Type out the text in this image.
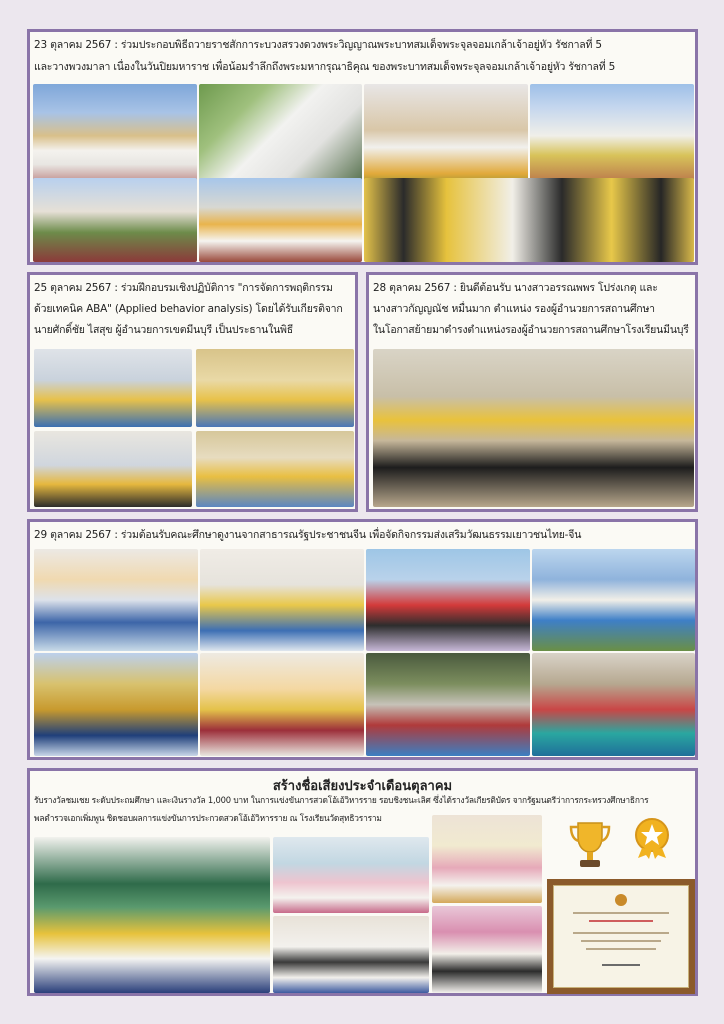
23 ตุลาคม 2567 : ร่วมประกอบพิธีถวายราชสักการะบวงสรวงดวงพระวิญญาณพระบาทสมเด็จพระจุลจอมเกล้าเจ้าอยู่หัว รัชกาลที่ 5
และวางพวงมาลา เนื่องในวันปิยมหาราช เพื่อน้อมรำลึกถึงพระมหากรุณาธิคุณ ของพระบาทสมเด็จพระจุลจอมเกล้าเจ้าอยู่หัว รัชกาลที่ 5
25 ตุลาคม 2567 : ร่วมฝึกอบรมเชิงปฏิบัติการ "การจัดการพฤติกรรม
ด้วยเทคนิค ABA" (Applied behavior analysis) โดยได้รับเกียรติจาก
นายศักดิ์ชัย ไสสุข ผู้อำนวยการเขตมีนบุรี เป็นประธานในพิธี
28 ตุลาคม 2567 : ยินดีต้อนรับ นางสาวอรรณพพร โปร่งเกตุ และ
นางสาวกัญญณัช หมื่นมาก ตำแหน่ง รองผู้อำนวยการสถานศึกษา
ในโอกาสย้ายมาดำรงตำแหน่งรองผู้อำนวยการสถานศึกษาโรงเรียนมีนบุรี
29 ตุลาคม 2567 : ร่วมต้อนรับคณะศึกษาดูงานจากสาธารณรัฐประชาชนจีน เพื่อจัดกิจกรรมส่งเสริมวัฒนธรรมเยาวชนไทย-จีน
สร้างชื่อเสียงประจำเดือนตุลาคม
รับรางวัลชมเชย ระดับประถมศึกษา และเงินรางวัล 1,000 บาท ในการแข่งขันการสวดโอ้เอ้วิหารราย รอบชิงชนะเลิศ ซึ่งได้รางวัลเกียรติบัตร จากรัฐมนตรีว่าการกระทรวงศึกษาธิการ
พลตำรวจเอกเพิ่มพูน ชิดชอบผลการแข่งขันการประกวดสวดโอ้เอ้วิหารราย ณ โรงเรียนวัดสุทธิวราราม
